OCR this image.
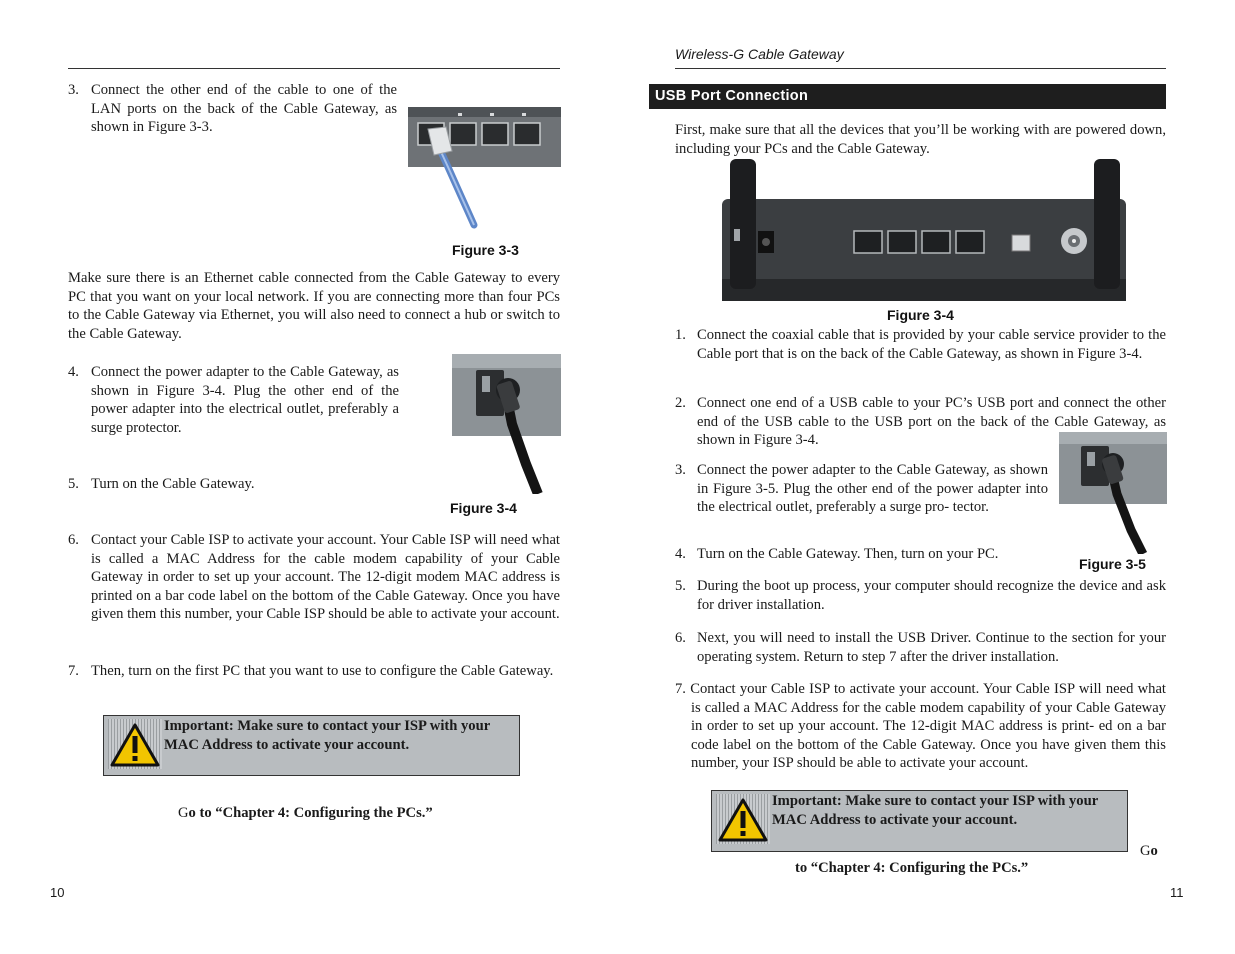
3. Connect the other end of the cable to one of the LAN ports on the back of the Cable Gateway, as shown in Figure 3-3.
Figure 3-3
Make sure there is an Ethernet cable connected from the Cable Gateway to every PC that you want on your local network. If you are connecting more than four PCs to the Cable Gateway via Ethernet, you will also need to connect a hub or switch to the Cable Gateway.
4. Connect the power adapter to the Cable Gateway, as shown in Figure 3-4. Plug the other end of the power adapter into the electrical outlet, preferably a surge protector.
5. Turn on the Cable Gateway.
Figure 3-4
6. Contact your Cable ISP to activate your account. Your Cable ISP will need what is called a MAC Address for the cable modem capability of your Cable Gateway in order to set up your account. The 12-digit modem MAC address is printed on a bar code label on the bottom of the Cable Gateway. Once you have given them this number, your Cable ISP should be able to activate your account.
7. Then, turn on the first PC that you want to use to configure the Cable Gateway.
Important: Make sure to contact your ISP with your MAC Address to activate your account.
Go to “Chapter 4: Configuring the PCs.”
10
Wireless-G Cable Gateway
USB Port Connection
First, make sure that all the devices that you’ll be working with are powered down, including your PCs and the Cable Gateway.
Figure 3-4
1. Connect the coaxial cable that is provided by your cable service provider to the Cable port that is on the back of the Cable Gateway, as shown in Figure 3-4.
2. Connect one end of a USB cable to your PC’s USB port and connect the other end of the USB cable to the USB port on the back of the Cable Gateway, as shown in Figure 3-4.
3. Connect the power adapter to the Cable Gateway, as shown in Figure 3-5. Plug the other end of the power adapter into the electrical outlet, preferably a surge pro- tector.
4. Turn on the Cable Gateway. Then, turn on your PC.
Figure 3-5
5. During the boot up process, your computer should recognize the device and ask for driver installation.
6. Next, you will need to install the USB Driver. Continue to the section for your operating system. Return to step 7 after the driver installation.
7. Contact your Cable ISP to activate your account. Your Cable ISP will need what is called a MAC Address for the cable modem capability of your Cable Gateway in order to set up your account. The 12-digit MAC address is print- ed on a bar code label on the bottom of the Cable Gateway. Once you have given them this number, your ISP should be able to activate your account.
Important: Make sure to contact your ISP with your MAC Address to activate your account.
Go
to “Chapter 4: Configuring the PCs.”
11
